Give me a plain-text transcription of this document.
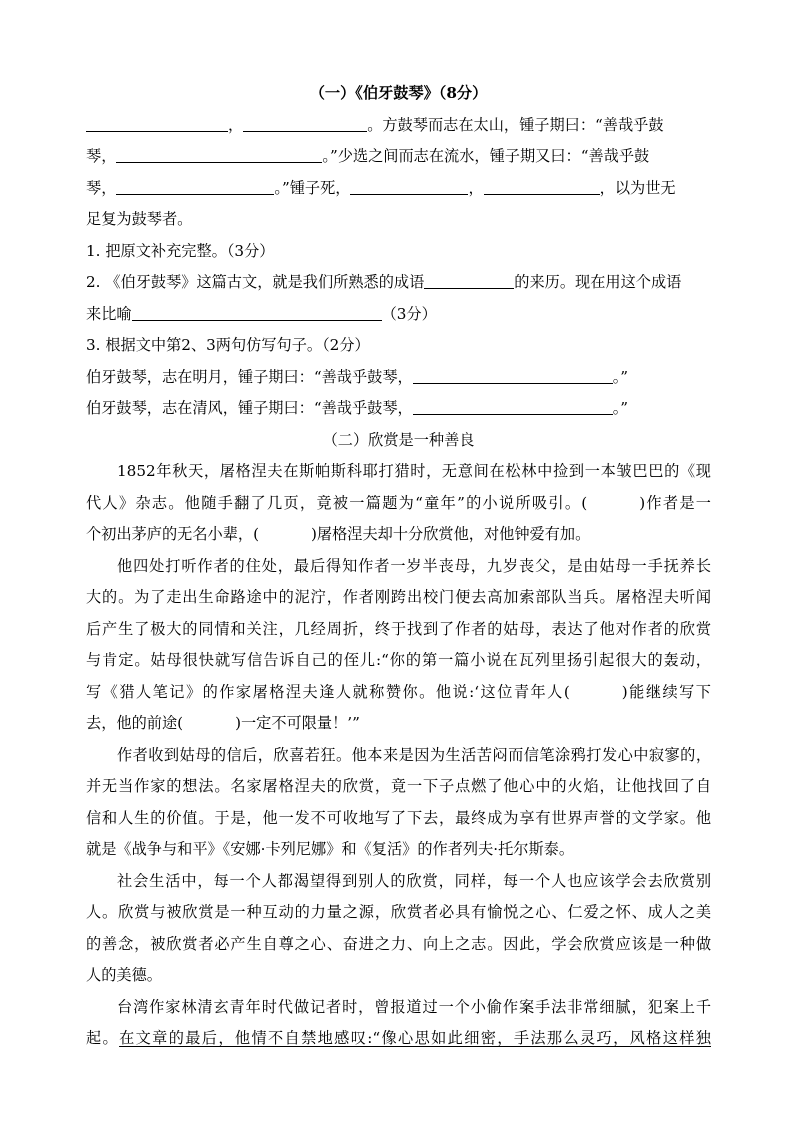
（一）《伯牙鼓琴》（8分）
，	。方鼓琴而志在太山，锺子期曰：“善哉乎鼓
琴，	。”少选之间而志在流水，锺子期又曰：“善哉乎鼓
琴，	。”锺子死，	，	，以为世无
足复为鼓琴者。
1. 把原文补充完整。（3分）
2. 《伯牙鼓琴》这篇古文，就是我们所熟悉的成语	的来历。现在用这个成语
来比喻	（3分）
3. 根据文中第2、3两句仿写句子。（2分）
伯牙鼓琴，志在明月，锺子期曰：“善哉乎鼓琴，	。”
伯牙鼓琴，志在清风，锺子期曰：“善哉乎鼓琴，	。”
（二）欣赏是一种善良
1852年秋天，屠格涅夫在斯帕斯科耶打猎时，无意间在松林中捡到一本皱巴巴的《现
代人》杂志。他随手翻了几页，竟被一篇题为“童年”的小说所吸引。(	)作者是一
个初出茅庐的无名小辈，(	)屠格涅夫却十分欣赏他，对他钟爱有加。
他四处打听作者的住处，最后得知作者一岁半丧母，九岁丧父，是由姑母一手抚养长
大的。为了走出生命路途中的泥泞，作者刚跨出校门便去高加索部队当兵。屠格涅夫听闻
后产生了极大的同情和关注，几经周折，终于找到了作者的姑母，表达了他对作者的欣赏
与肯定。姑母很快就写信告诉自己的侄儿:“你的第一篇小说在瓦列里扬引起很大的轰动，
写《猎人笔记》的作家屠格涅夫逢人就称赞你。他说:‘这位青年人(	)能继续写下
去，他的前途(	)一定不可限量！’”
作者收到姑母的信后，欣喜若狂。他本来是因为生活苦闷而信笔涂鸦打发心中寂寥的，
并无当作家的想法。名家屠格涅夫的欣赏，竟一下子点燃了他心中的火焰，让他找回了自
信和人生的价值。于是，他一发不可收地写了下去，最终成为享有世界声誉的文学家。他
就是《战争与和平》《安娜·卡列尼娜》和《复活》的作者列夫·托尔斯泰。
社会生活中，每一个人都渴望得到别人的欣赏，同样，每一个人也应该学会去欣赏别
人。欣赏与被欣赏是一种互动的力量之源，欣赏者必具有愉悦之心、仁爱之怀、成人之美
的善念，被欣赏者必产生自尊之心、奋进之力、向上之志。因此，学会欣赏应该是一种做
人的美德。
台湾作家林清玄青年时代做记者时，曾报道过一个小偷作案手法非常细腻，犯案上千
起。在文章的最后，他情不自禁地感叹:“像心思如此细密，手法那么灵巧，风格这样独
